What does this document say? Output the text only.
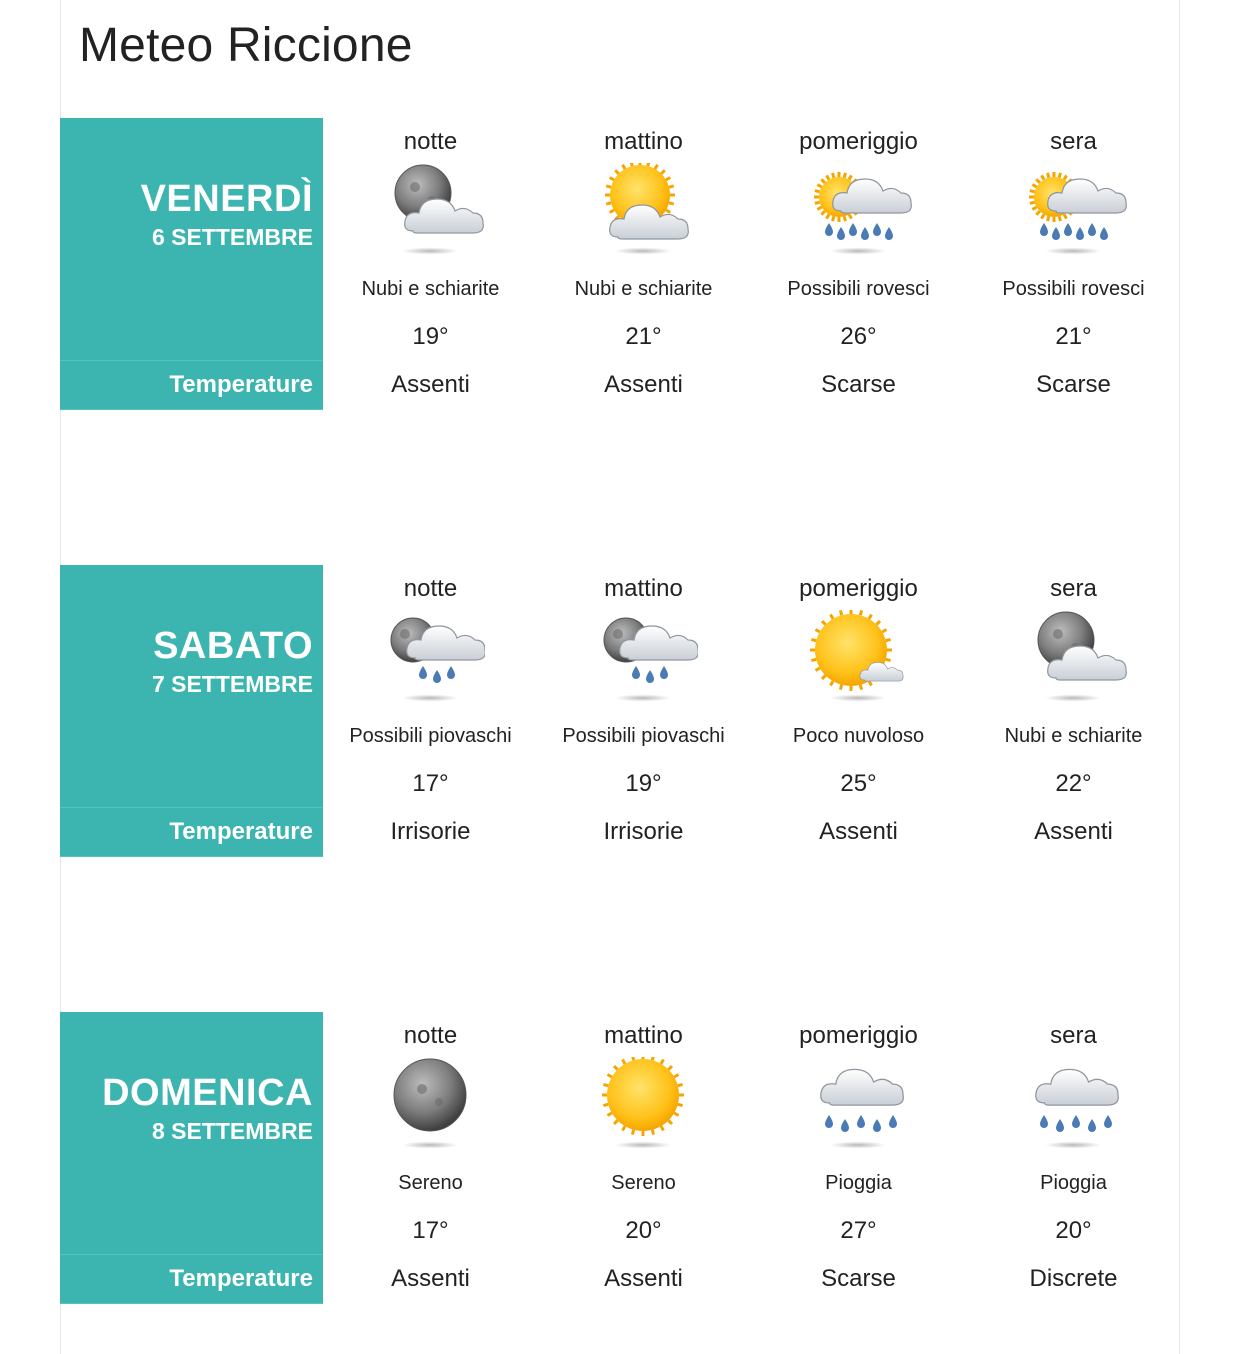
Meteo Riccione
VENERDÌ
6 SETTEMBRE
Temperature
Precipitazioni
notte
Nubi e schiarite
19°
Assenti
mattino
Nubi e schiarite
21°
Assenti
pomeriggio
Possibili rovesci
26°
Scarse
sera
Possibili rovesci
21°
Scarse
SABATO
7 SETTEMBRE
Temperature
Precipitazioni
notte
Possibili piovaschi
17°
Irrisorie
mattino
Possibili piovaschi
19°
Irrisorie
pomeriggio
Poco nuvoloso
25°
Assenti
sera
Nubi e schiarite
22°
Assenti
DOMENICA
8 SETTEMBRE
Temperature
Precipitazioni
notte
Sereno
17°
Assenti
mattino
Sereno
20°
Assenti
pomeriggio
Pioggia
27°
Scarse
sera
Pioggia
20°
Discrete
